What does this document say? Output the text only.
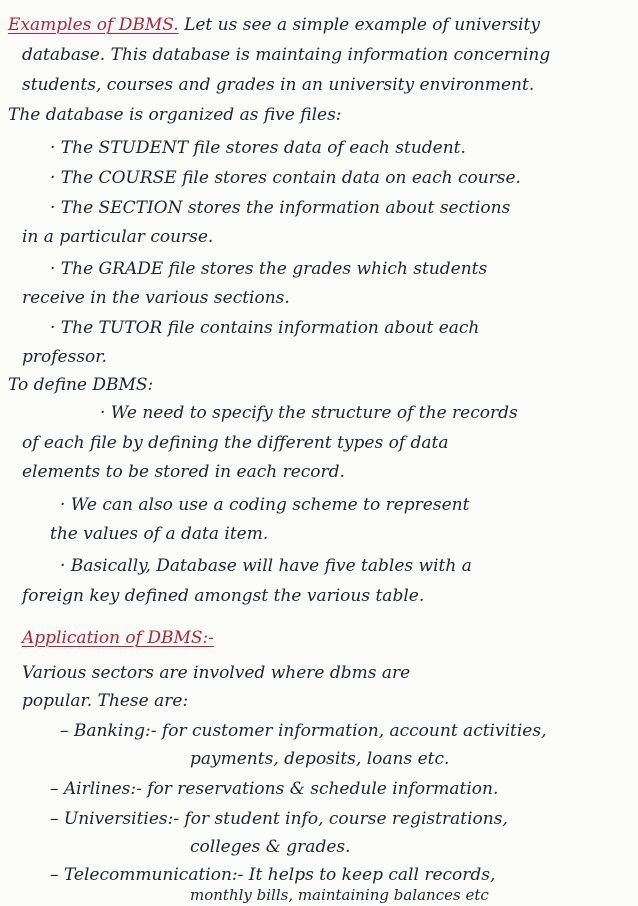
Examples of DBMS. Let us see a simple example of university
database. This database is maintaing information concerning
students, courses and grades in an university environment.
The database is organized as five files:
· The STUDENT file stores data of each student.
· The COURSE file stores contain data on each course.
· The SECTION stores the information about sections
in a particular course.
· The GRADE file stores the grades which students
receive in the various sections.
· The TUTOR file contains information about each
professor.
To define DBMS:
· We need to specify the structure of the records
of each file by defining the different types of data
elements to be stored in each record.
· We can also use a coding scheme to represent
the values of a data item.
· Basically, Database will have five tables with a
foreign key defined amongst the various table.
Application of DBMS:-
Various sectors are involved where dbms are
popular. These are:
– Banking:- for customer information, account activities,
payments, deposits, loans etc.
– Airlines:- for reservations & schedule information.
– Universities:- for student info, course registrations,
colleges & grades.
– Telecommunication:- It helps to keep call records,
monthly bills, maintaining balances etc
